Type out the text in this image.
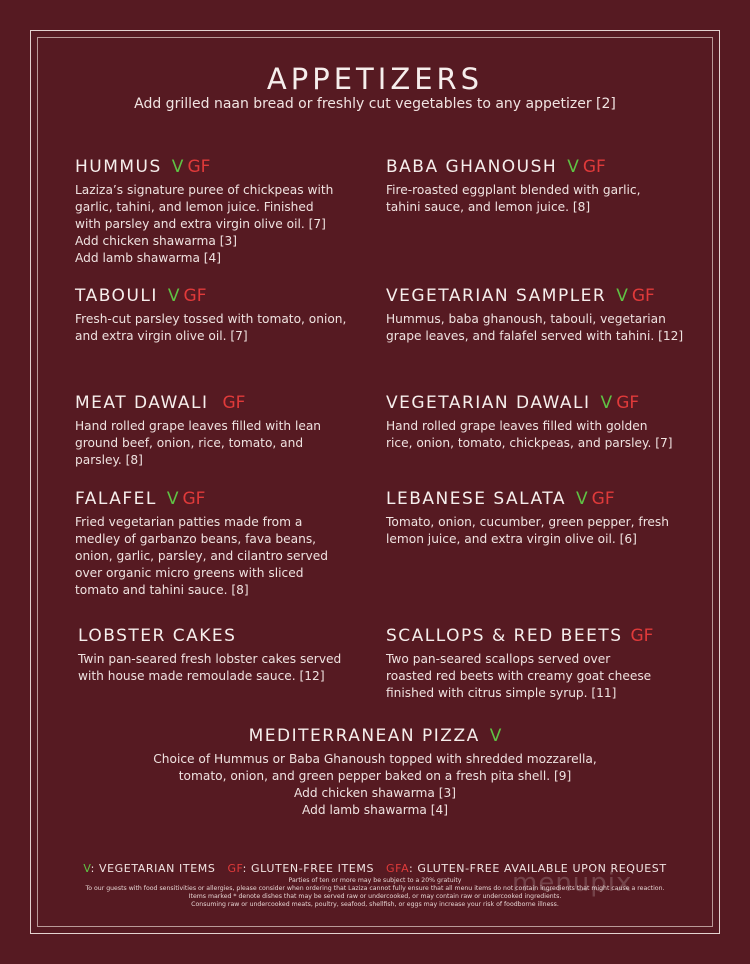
APPETIZERS
Add grilled naan bread or freshly cut vegetables to any appetizer [2]
HUMMUS V GF
Laziza’s signature puree of chickpeas with
garlic, tahini, and lemon juice. Finished
with parsley and extra virgin olive oil. [7]
Add chicken shawarma [3]
Add lamb shawarma [4]
BABA GHANOUSH V GF
Fire-roasted eggplant blended with garlic,
tahini sauce, and lemon juice. [8]
TABOULI V GF
Fresh-cut parsley tossed with tomato, onion,
and extra virgin olive oil. [7]
VEGETARIAN SAMPLER V GF
Hummus, baba ghanoush, tabouli, vegetarian
grape leaves, and falafel served with tahini. [12]
MEAT DAWALI GF
Hand rolled grape leaves filled with lean
ground beef, onion, rice, tomato, and
parsley. [8]
VEGETARIAN DAWALI V GF
Hand rolled grape leaves filled with golden
rice, onion, tomato, chickpeas, and parsley. [7]
FALAFEL V GF
Fried vegetarian patties made from a
medley of garbanzo beans, fava beans,
onion, garlic, parsley, and cilantro served
over organic micro greens with sliced
tomato and tahini sauce. [8]
LEBANESE SALATA V GF
Tomato, onion, cucumber, green pepper, fresh
lemon juice, and extra virgin olive oil. [6]
LOBSTER CAKES
Twin pan-seared fresh lobster cakes served
with house made remoulade sauce. [12]
SCALLOPS & RED BEETS GF
Two pan-seared scallops served over
roasted red beets with creamy goat cheese
finished with citrus simple syrup. [11]
MEDITERRANEAN PIZZA V
Choice of Hummus or Baba Ghanoush topped with shredded mozzarella,
tomato, onion, and green pepper baked on a fresh pita shell. [9]
Add chicken shawarma [3]
Add lamb shawarma [4]
V: VEGETARIAN ITEMS GF: GLUTEN-FREE ITEMS GFA: GLUTEN-FREE AVAILABLE UPON REQUEST
Parties of ten or more may be subject to a 20% gratuity
To our guests with food sensitivities or allergies, please consider when ordering that Laziza cannot fully ensure that all menu items do not contain ingredients that might cause a reaction.
Items marked * denote dishes that may be served raw or undercooked, or may contain raw or undercooked ingredients.
Consuming raw or undercooked meats, poultry, seafood, shellfish, or eggs may increase your risk of foodborne illness.
menupix
